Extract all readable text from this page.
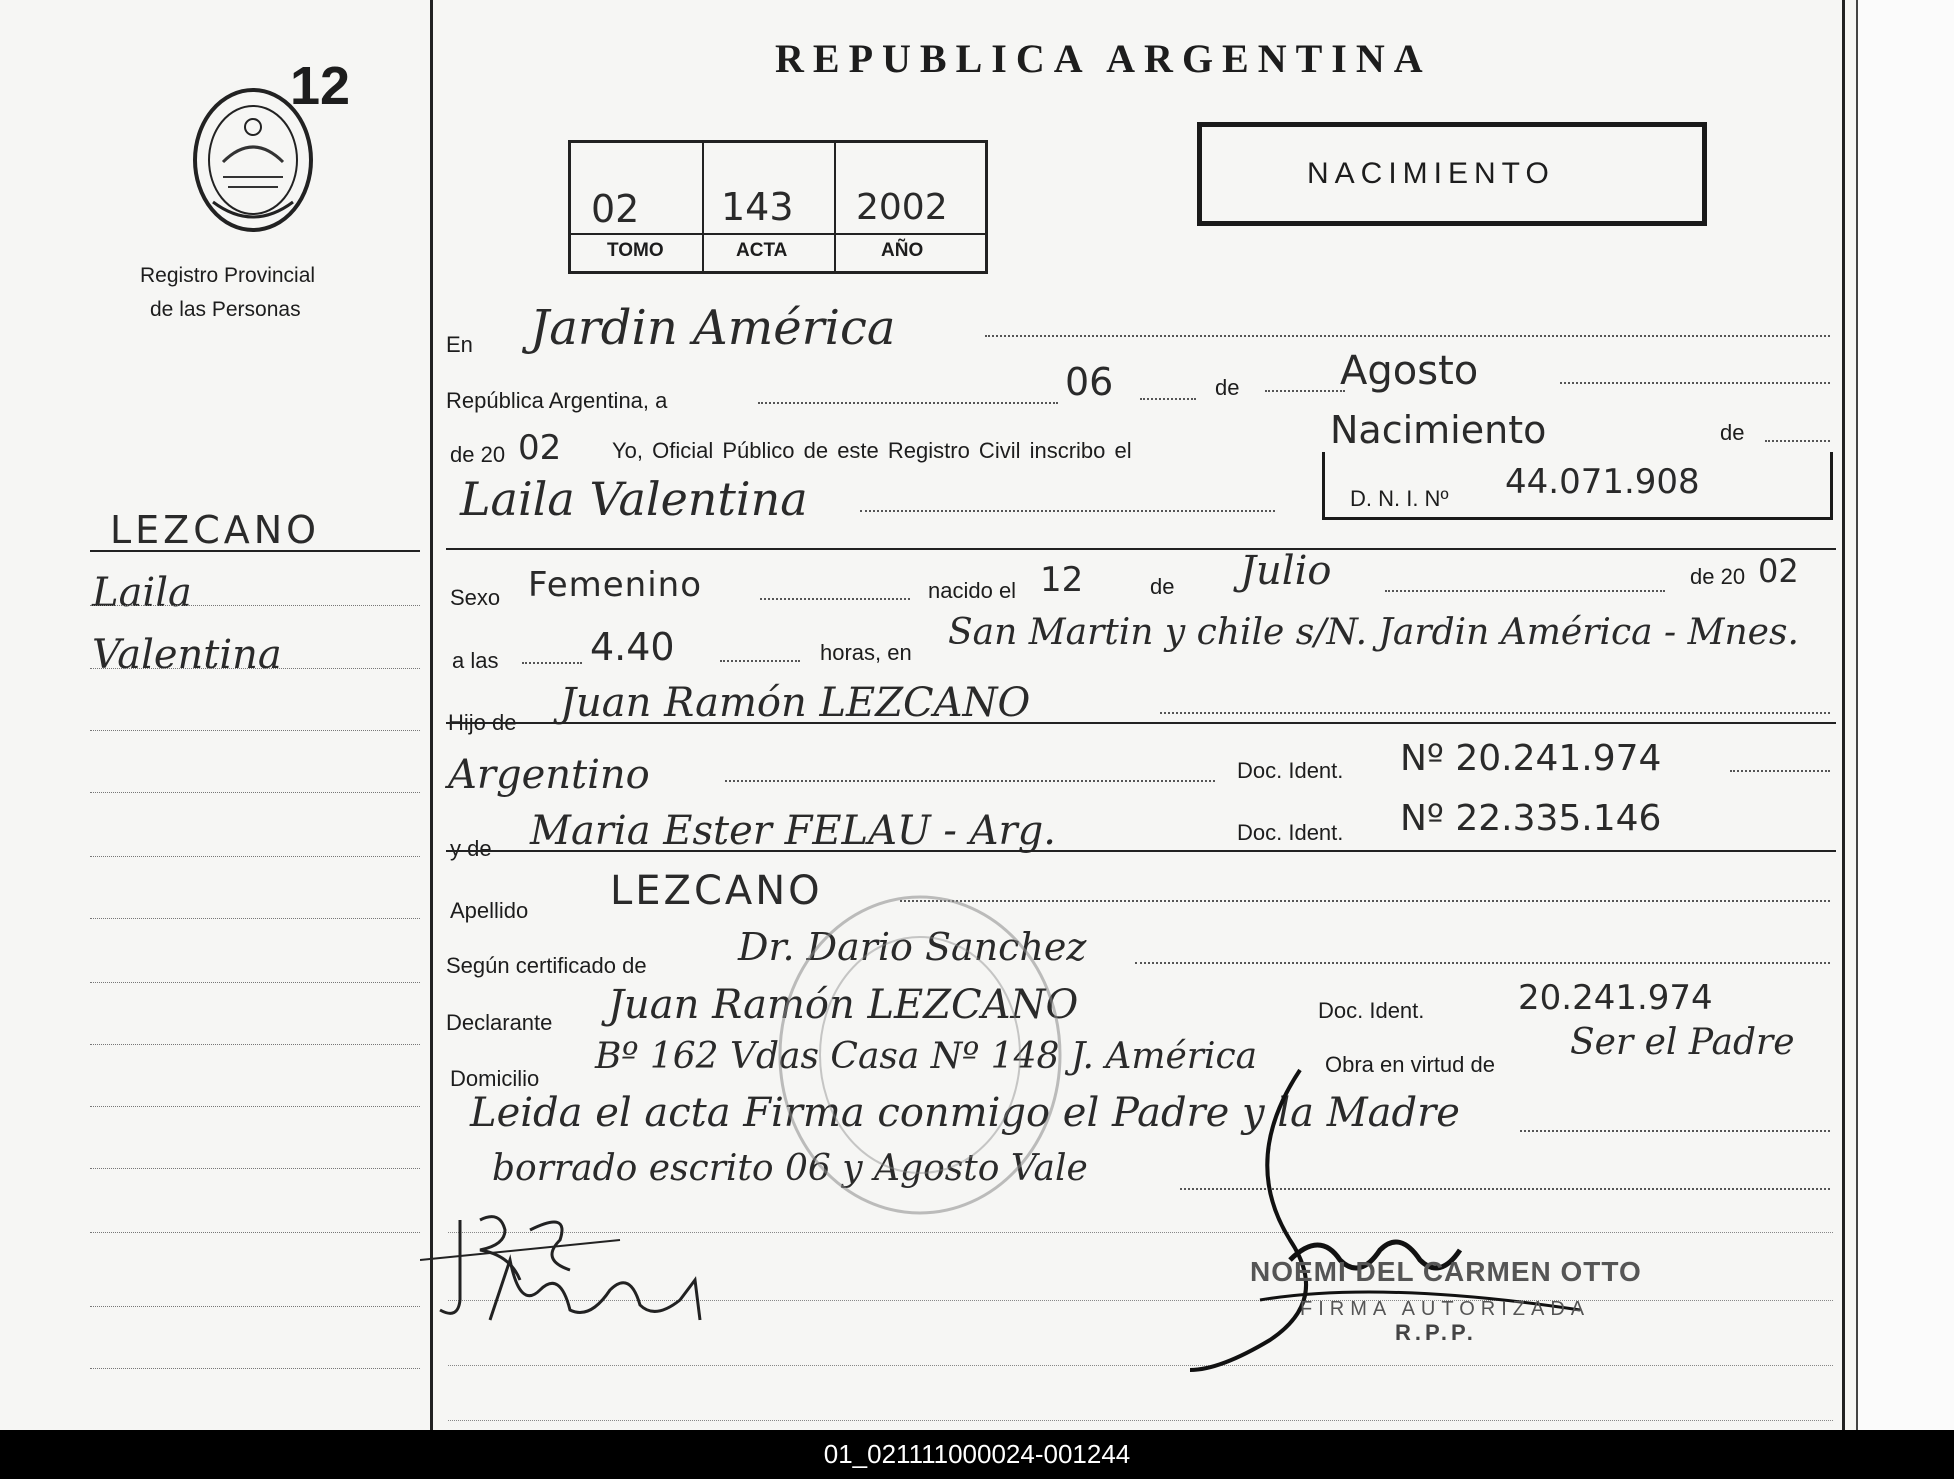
12
Registro Provincial
de las Personas
LEZCANO
Laila
Valentina
REPUBLICA ARGENTINA
02 143 2002
TOMO	ACTA	AÑO
NACIMIENTO
En Jardin América
República Argentina, a	06	de	Agosto
de 20 02 Yo, Oficial Público de este Registro Civil inscribo el	Nacimiento	de
Laila Valentina	D. N. I. Nº 44.071.908
Sexo Femenino	nacido el 12	de Julio	de 20 02
a las 4.40	horas, en San Martin y chile s/N. Jardin América - Mnes.
Hijo de Juan Ramón LEZCANO
Argentino	Doc. Ident. Nº 20.241.974
y de Maria Ester FELAU - Arg.	Doc. Ident. Nº 22.335.146
Apellido LEZCANO
Según certificado de Dr. Dario Sanchez
Declarante Juan Ramón LEZCANO	Doc. Ident.	20.241.974
Domicilio
Bº 162 Vdas Casa Nº 148 J. América	Obra en virtud de
Ser el Padre
Leida el acta Firma conmigo el Padre y la Madre
borrado escrito 06 y Agosto Vale
NOEMI DEL CARMEN OTTO
FIRMA AUTORIZADA
R.P.P.
01_021111000024-001244
